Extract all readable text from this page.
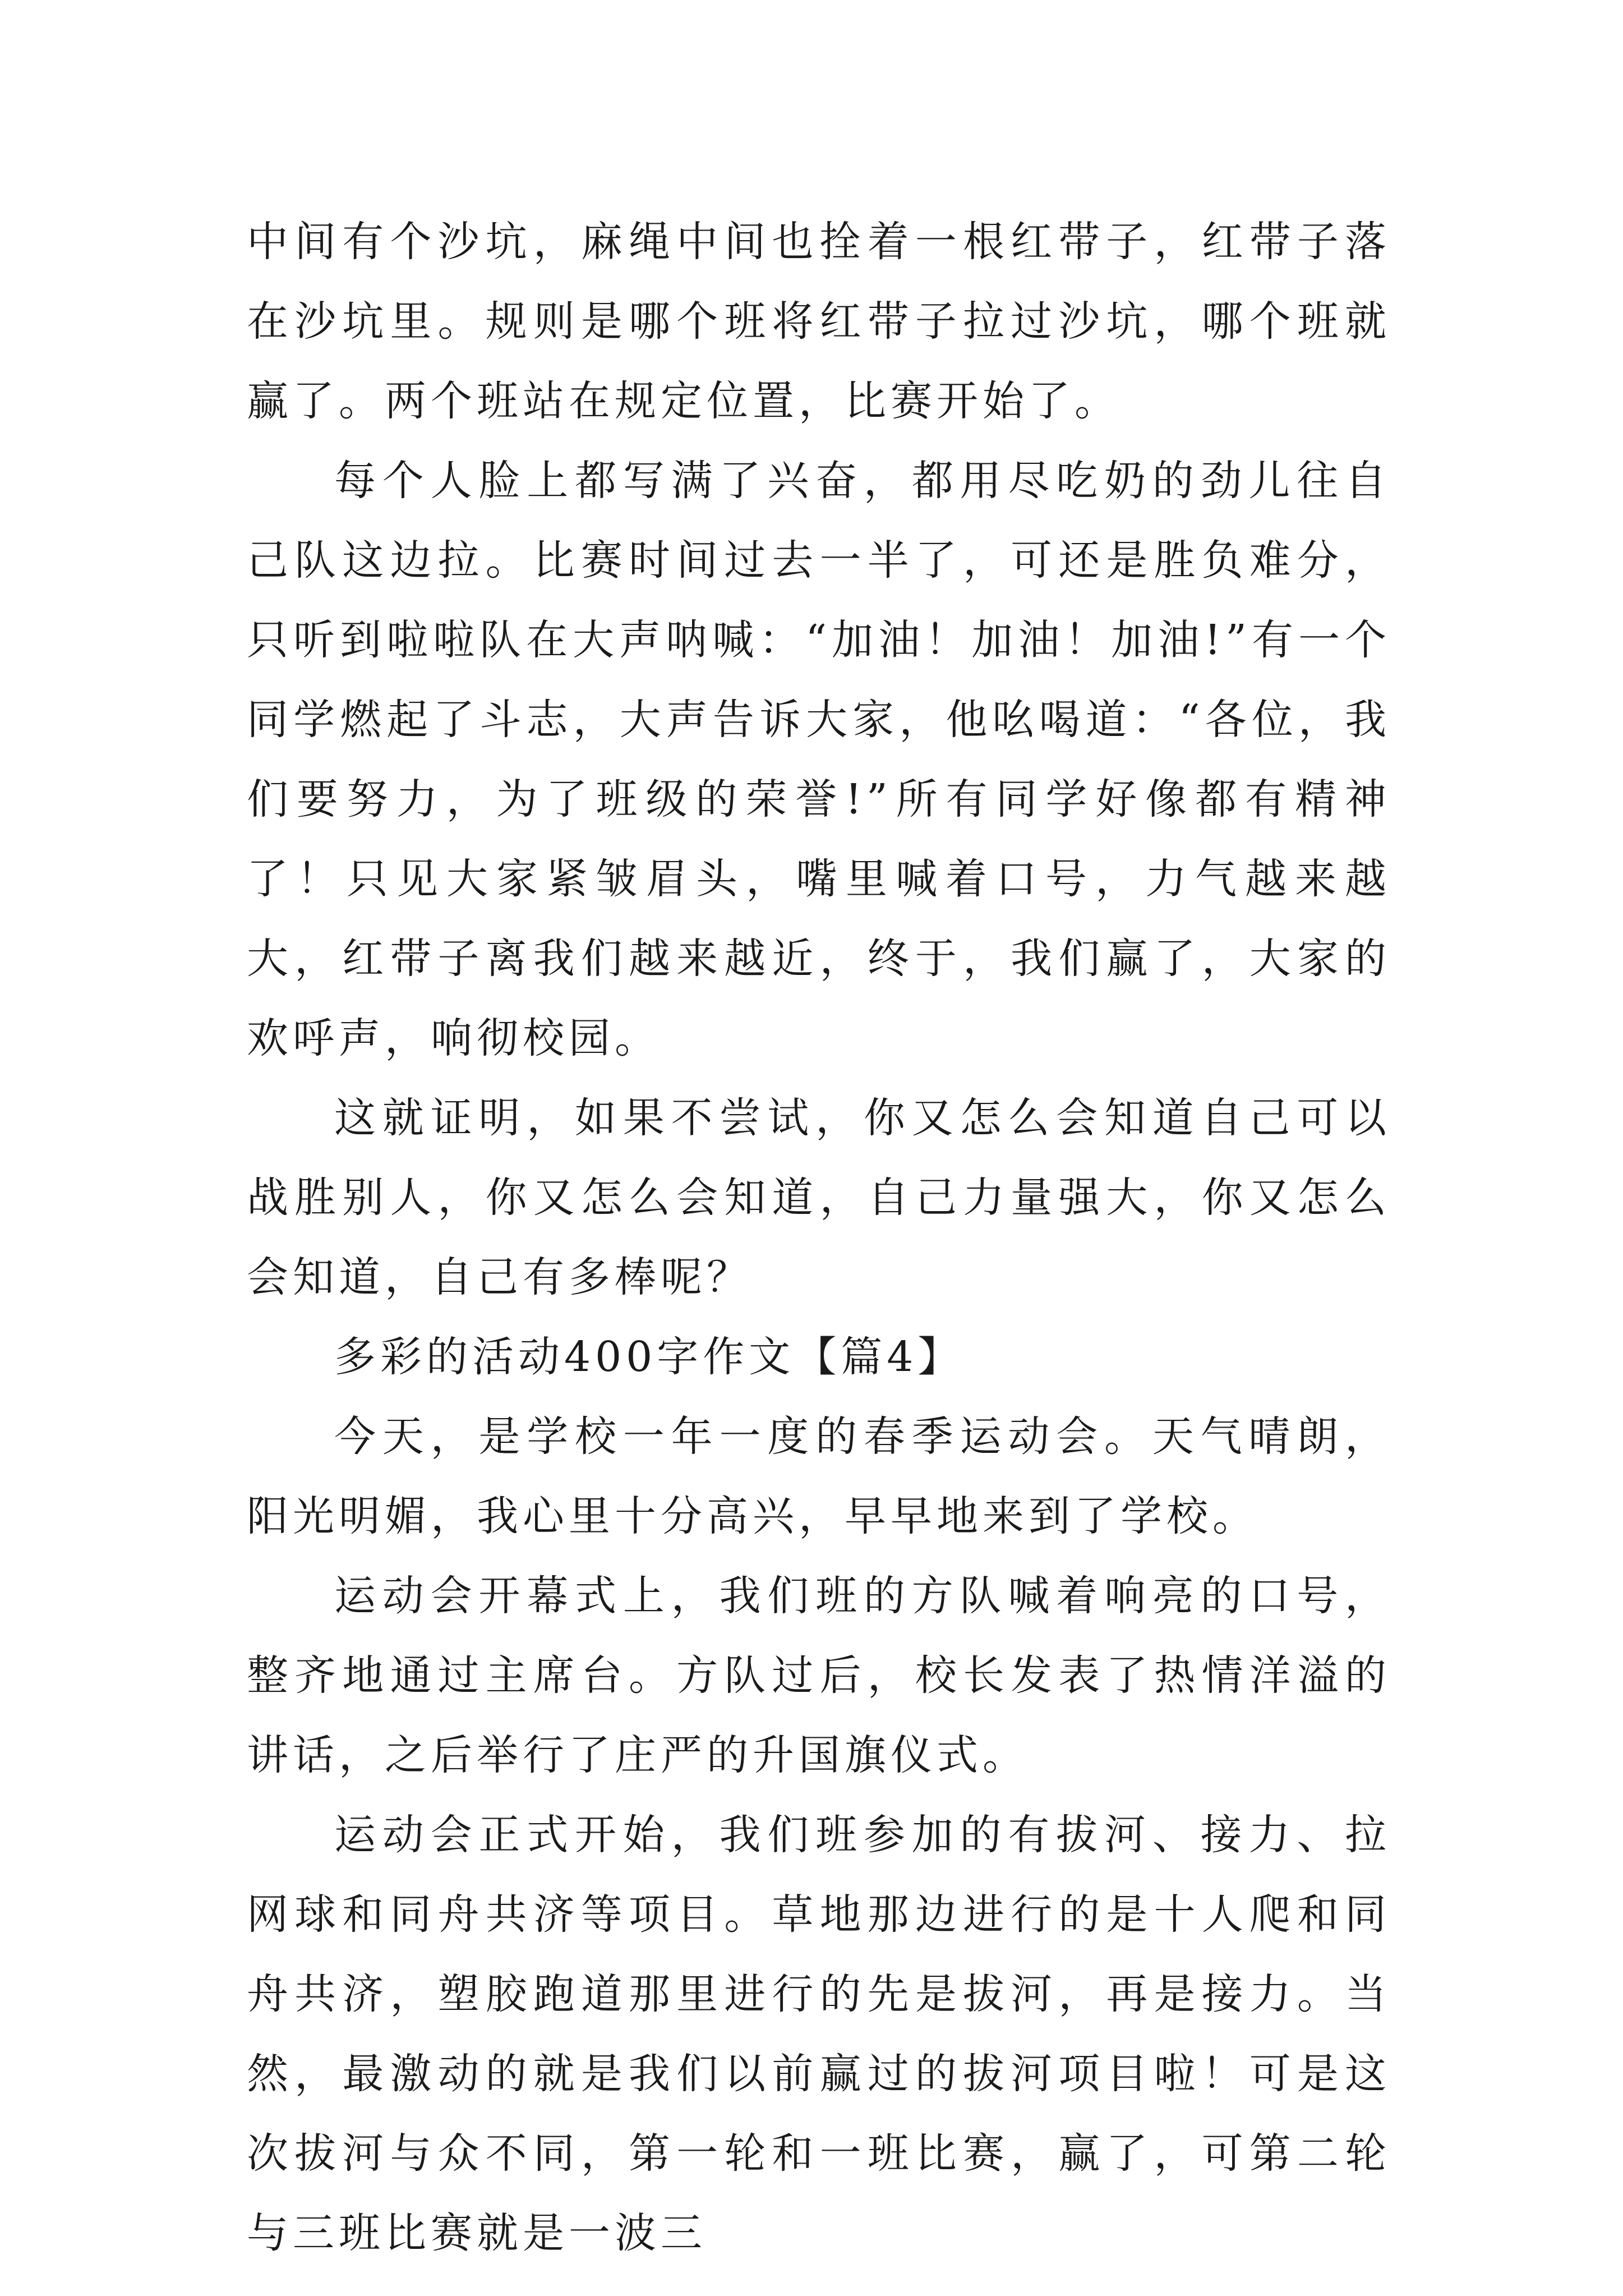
中间有个沙坑，麻绳中间也拴着一根红带子，红带子落在沙坑里。规则是哪个班将红带子拉过沙坑，哪个班就赢了。两个班站在规定位置，比赛开始了。

每个人脸上都写满了兴奋，都用尽吃奶的劲儿往自己队这边拉。比赛时间过去一半了，可还是胜负难分，只听到啦啦队在大声呐喊：“加油！加油！加油!”有一个同学燃起了斗志，大声告诉大家，他吆喝道：“各位，我们要努力，为了班级的荣誉!”所有同学好像都有精神了！只见大家紧皱眉头，嘴里喊着口号，力气越来越大，红带子离我们越来越近，终于，我们赢了，大家的欢呼声，响彻校园。

这就证明，如果不尝试，你又怎么会知道自己可以战胜别人，你又怎么会知道，自己力量强大，你又怎么会知道，自己有多棒呢？

多彩的活动400字作文【篇4】

今天，是学校一年一度的春季运动会。天气晴朗，阳光明媚，我心里十分高兴，早早地来到了学校。

运动会开幕式上，我们班的方队喊着响亮的口号，整齐地通过主席台。方队过后，校长发表了热情洋溢的讲话，之后举行了庄严的升国旗仪式。

运动会正式开始，我们班参加的有拔河、接力、拉网球和同舟共济等项目。草地那边进行的是十人爬和同舟共济，塑胶跑道那里进行的先是拔河，再是接力。当然，最激动的就是我们以前赢过的拔河项目啦！可是这次拔河与众不同，第一轮和一班比赛，赢了，可第二轮与三班比赛就是一波三
